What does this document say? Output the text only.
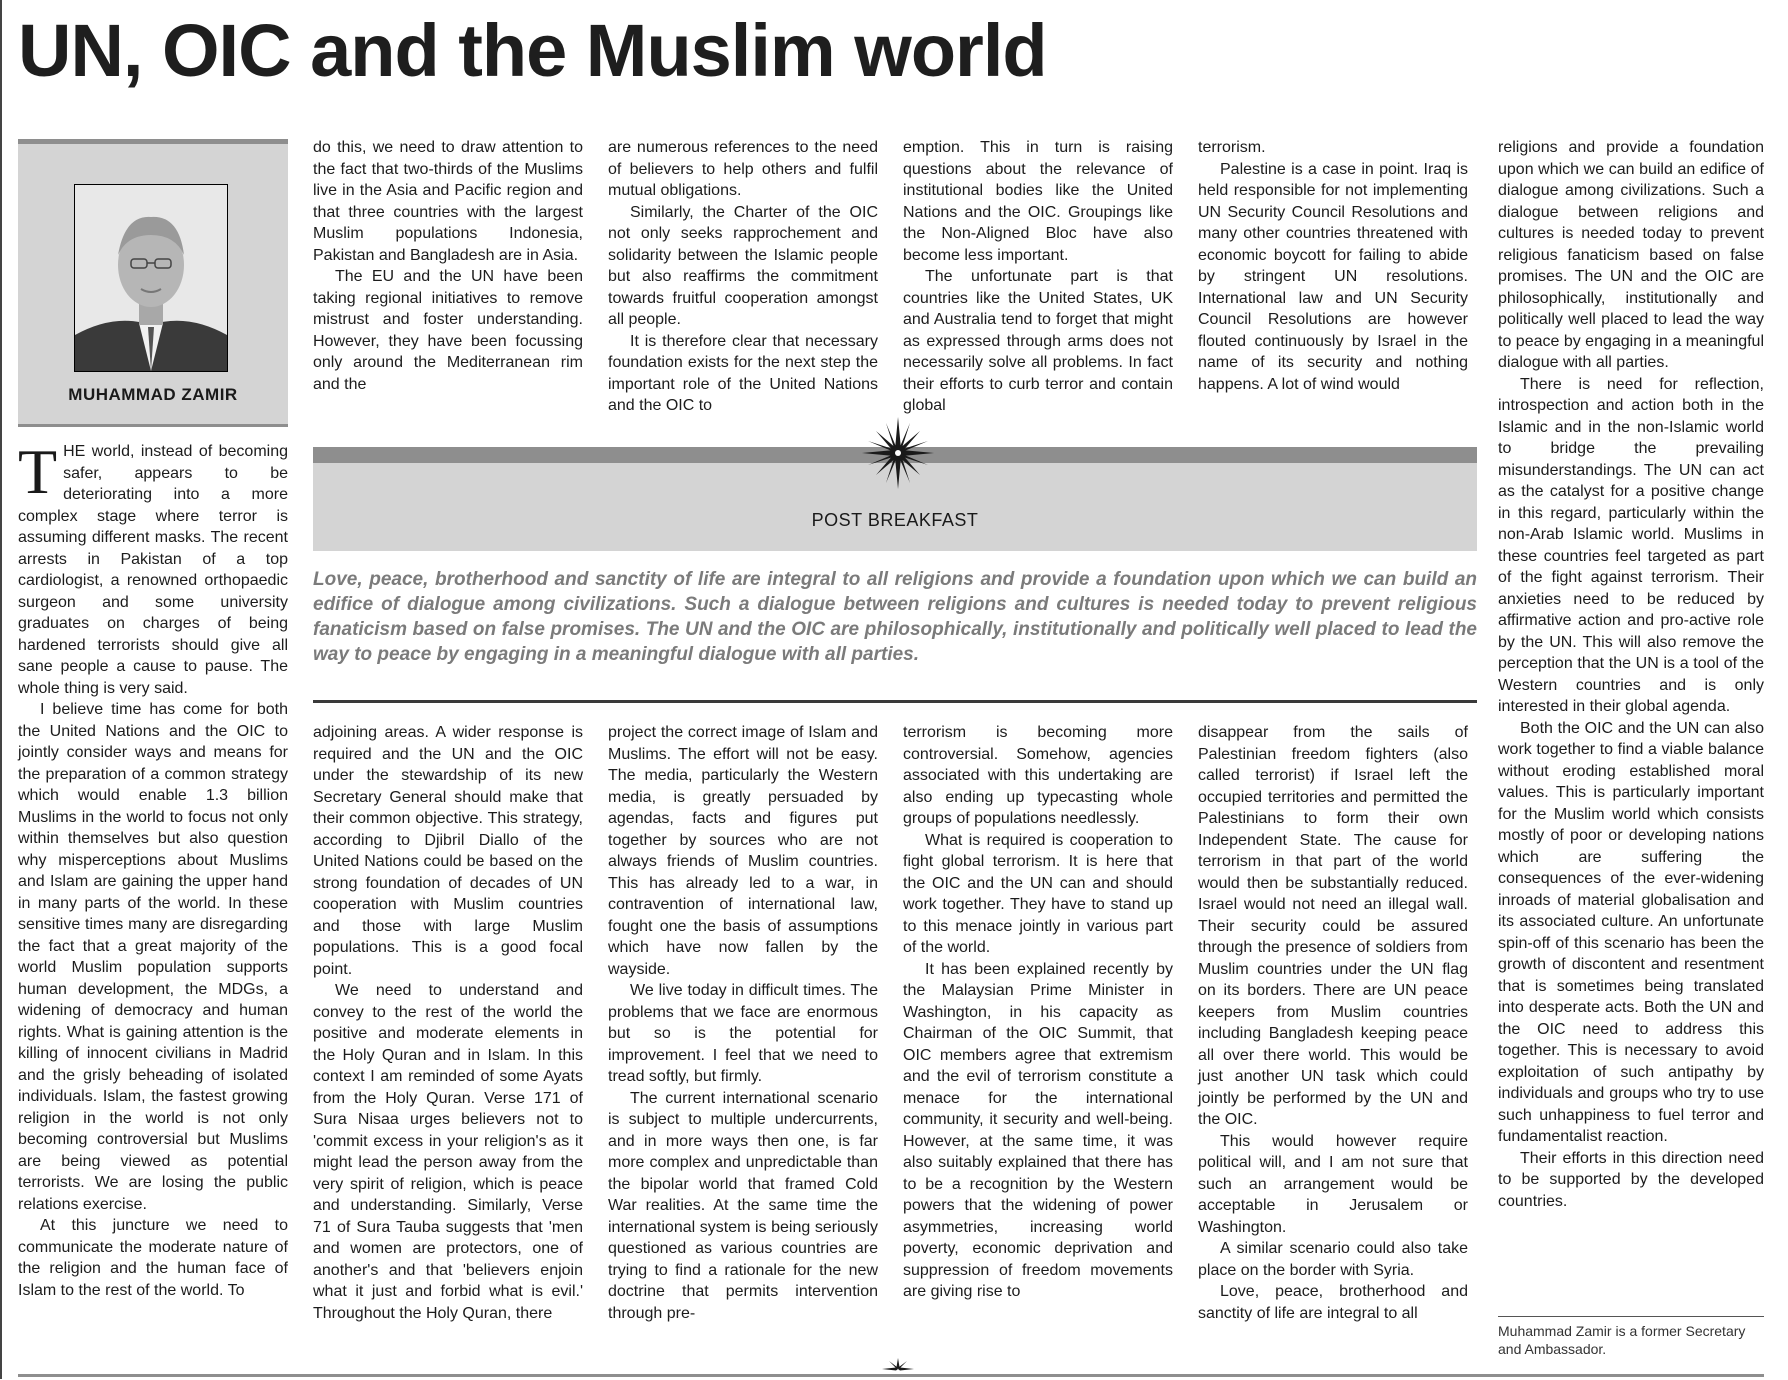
UN, OIC and the Muslim world
MUHAMMAD ZAMIR

THE world, instead of becoming safer, appears to be deteriorating into a more complex stage where terror is assuming different masks. The recent arrests in Pakistan of a top cardiologist, a renowned orthopaedic surgeon and some university graduates on charges of being hardened terrorists should give all sane people a cause to pause. The whole thing is very said.

I believe time has come for both the United Nations and the OIC to jointly consider ways and means for the preparation of a common strategy which would enable 1.3 billion Muslims in the world to focus not only within themselves but also question why misperceptions about Muslims and Islam are gaining the upper hand in many parts of the world. In these sensitive times many are disregarding the fact that a great majority of the world Muslim population supports human development, the MDGs, a widening of democracy and human rights. What is gaining attention is the killing of innocent civilians in Madrid and the grisly beheading of isolated individuals. Islam, the fastest growing religion in the world is not only becoming controversial but Muslims are being viewed as potential terrorists. We are losing the public relations exercise.

At this juncture we need to communicate the moderate nature of the religion and the human face of Islam to the rest of the world. To

do this, we need to draw attention to the fact that two-thirds of the Muslims live in the Asia and Pacific region and that three countries with the largest Muslim populations Indonesia, Pakistan and Bangladesh are in Asia.

The EU and the UN have been taking regional initiatives to remove mistrust and foster understanding. However, they have been focussing only around the Mediterranean rim and the

are numerous references to the need of believers to help others and fulfil mutual obligations.

Similarly, the Charter of the OIC not only seeks rapprochement and solidarity between the Islamic people but also reaffirms the commitment towards fruitful cooperation amongst all people.

It is therefore clear that necessary foundation exists for the next step the important role of the United Nations and the OIC to

emption. This in turn is raising questions about the relevance of institutional bodies like the United Nations and the OIC. Groupings like the Non-Aligned Bloc have also become less important.

The unfortunate part is that countries like the United States, UK and Australia tend to forget that might as expressed through arms does not necessarily solve all problems. In fact their efforts to curb terror and contain global

terrorism.

Palestine is a case in point. Iraq is held responsible for not implementing UN Security Council Resolutions and many other countries threatened with economic boycott for failing to abide by stringent UN resolutions. International law and UN Security Council Resolutions are however flouted continuously by Israel in the name of its security and nothing happens. A lot of wind would

POST BREAKFAST
Love, peace, brotherhood and sanctity of life are integral to all religions and provide a foundation upon which we can build an edifice of dialogue among civilizations. Such a dialogue between religions and cultures is needed today to prevent religious fanaticism based on false promises. The UN and the OIC are philosophically, institutionally and politically well placed to lead the way to peace by engaging in a meaningful dialogue with all parties.

adjoining areas. A wider response is required and the UN and the OIC under the stewardship of its new Secretary General should make that their common objective. This strategy, according to Djibril Diallo of the United Nations could be based on the strong foundation of decades of UN cooperation with Muslim countries and those with large Muslim populations. This is a good focal point.

We need to understand and convey to the rest of the world the positive and moderate elements in the Holy Quran and in Islam. In this context I am reminded of some Ayats from the Holy Quran. Verse 171 of Sura Nisaa urges believers not to 'commit excess in your religion's as it might lead the person away from the very spirit of religion, which is peace and understanding. Similarly, Verse 71 of Sura Tauba suggests that 'men and women are protectors, one of another's and that 'believers enjoin what it just and forbid what is evil.' Throughout the Holy Quran, there

project the correct image of Islam and Muslims. The effort will not be easy. The media, particularly the Western media, is greatly persuaded by agendas, facts and figures put together by sources who are not always friends of Muslim countries. This has already led to a war, in contravention of international law, fought one the basis of assumptions which have now fallen by the wayside.

We live today in difficult times. The problems that we face are enormous but so is the potential for improvement. I feel that we need to tread softly, but firmly.

The current international scenario is subject to multiple undercurrents, and in more ways then one, is far more complex and unpredictable than the bipolar world that framed Cold War realities. At the same time the international system is being seriously questioned as various countries are trying to find a rationale for the new doctrine that permits intervention through pre-

terrorism is becoming more controversial. Somehow, agencies associated with this undertaking are also ending up typecasting whole groups of populations needlessly.

What is required is cooperation to fight global terrorism. It is here that the OIC and the UN can and should work together. They have to stand up to this menace jointly in various part of the world.

It has been explained recently by the Malaysian Prime Minister in Washington, in his capacity as Chairman of the OIC Summit, that OIC members agree that extremism and the evil of terrorism constitute a menace for the international community, it security and well-being. However, at the same time, it was also suitably explained that there has to be a recognition by the Western powers that the widening of power asymmetries, increasing world poverty, economic deprivation and suppression of freedom movements are giving rise to

disappear from the sails of Palestinian freedom fighters (also called terrorist) if Israel left the occupied territories and permitted the Palestinians to form their own Independent State. The cause for terrorism in that part of the world would then be substantially reduced. Israel would not need an illegal wall. Their security could be assured through the presence of soldiers from Muslim countries under the UN flag on its borders. There are UN peace keepers from Muslim countries including Bangladesh keeping peace all over there world. This would be just another UN task which could jointly be performed by the UN and the OIC.

This would however require political will, and I am not sure that such an arrangement would be acceptable in Jerusalem or Washington.

A similar scenario could also take place on the border with Syria.

Love, peace, brotherhood and sanctity of life are integral to all

religions and provide a foundation upon which we can build an edifice of dialogue among civilizations. Such a dialogue between religions and cultures is needed today to prevent religious fanaticism based on false promises. The UN and the OIC are philosophically, institutionally and politically well placed to lead the way to peace by engaging in a meaningful dialogue with all parties.

There is need for reflection, introspection and action both in the Islamic and in the non-Islamic world to bridge the prevailing misunderstandings. The UN can act as the catalyst for a positive change in this regard, particularly within the non-Arab Islamic world. Muslims in these countries feel targeted as part of the fight against terrorism. Their anxieties need to be reduced by affirmative action and pro-active role by the UN. This will also remove the perception that the UN is a tool of the Western countries and is only interested in their global agenda.

Both the OIC and the UN can also work together to find a viable balance without eroding established moral values. This is particularly important for the Muslim world which consists mostly of poor or developing nations which are suffering the consequences of the ever-widening inroads of material globalisation and its associated culture. An unfortunate spin-off of this scenario has been the growth of discontent and resentment that is sometimes being translated into desperate acts. Both the UN and the OIC need to address this together. This is necessary to avoid exploitation of such antipathy by individuals and groups who try to use such unhappiness to fuel terror and fundamentalist reaction.

Their efforts in this direction need to be supported by the developed countries.

Muhammad Zamir is a former Secretary and Ambassador.
